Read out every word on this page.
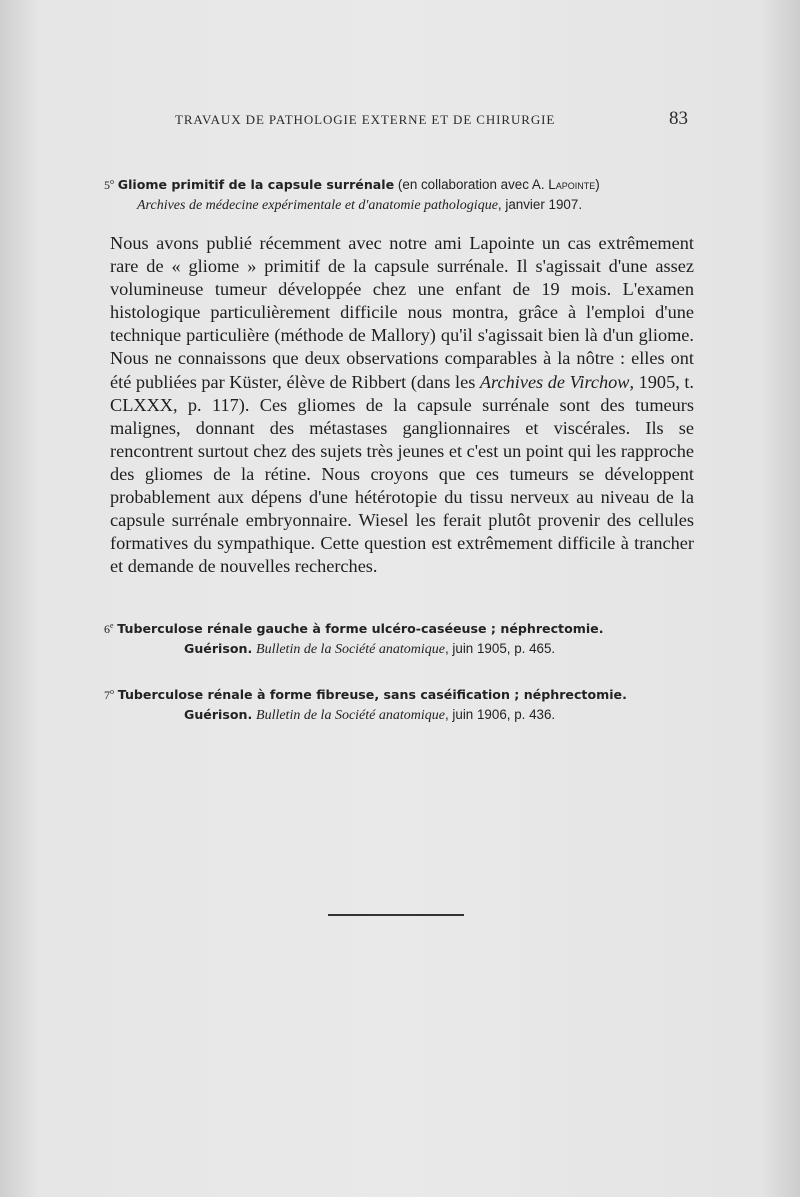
TRAVAUX DE PATHOLOGIE EXTERNE ET DE CHIRURGIE	83
5$^o$ Gliome primitif de la capsule surrénale (en collaboration avec A. Lapointe)
Archives de médecine expérimentale et d'anatomie pathologique, janvier 1907.

Nous avons publié récemment avec notre ami Lapointe un cas extrêmement rare de « gliome » primitif de la capsule surrénale. Il s'agissait d'une assez volumineuse tumeur développée chez une enfant de 19 mois. L'examen histologique particulièrement difficile nous montra, grâce à l'emploi d'une technique particulière (méthode de Mallory) qu'il s'agissait bien là d'un gliome. Nous ne connaissons que deux observations comparables à la nôtre : elles ont été publiées par Küster, élève de Ribbert (dans les Archives de Virchow, 1905, t. CLXXX, p. 117). Ces gliomes de la capsule surrénale sont des tumeurs malignes, donnant des métastases ganglionnaires et viscérales. Ils se rencontrent surtout chez des sujets très jeunes et c'est un point qui les rapproche des gliomes de la rétine. Nous croyons que ces tumeurs se développent probablement aux dépens d'une hétérotopie du tissu nerveux au niveau de la capsule surrénale embryonnaire. Wiesel les ferait plutôt provenir des cellules formatives du sympathique. Cette question est extrêmement difficile à trancher et demande de nouvelles recherches.

6e Tuberculose rénale gauche à forme ulcéro-caséeuse ; néphrectomie.
Guérison. Bulletin de la Société anatomique, juin 1905, p. 465.
7$^o$ Tuberculose rénale à forme fibreuse, sans caséification ; néphrectomie.
Guérison. Bulletin de la Société anatomique, juin 1906, p. 436.
